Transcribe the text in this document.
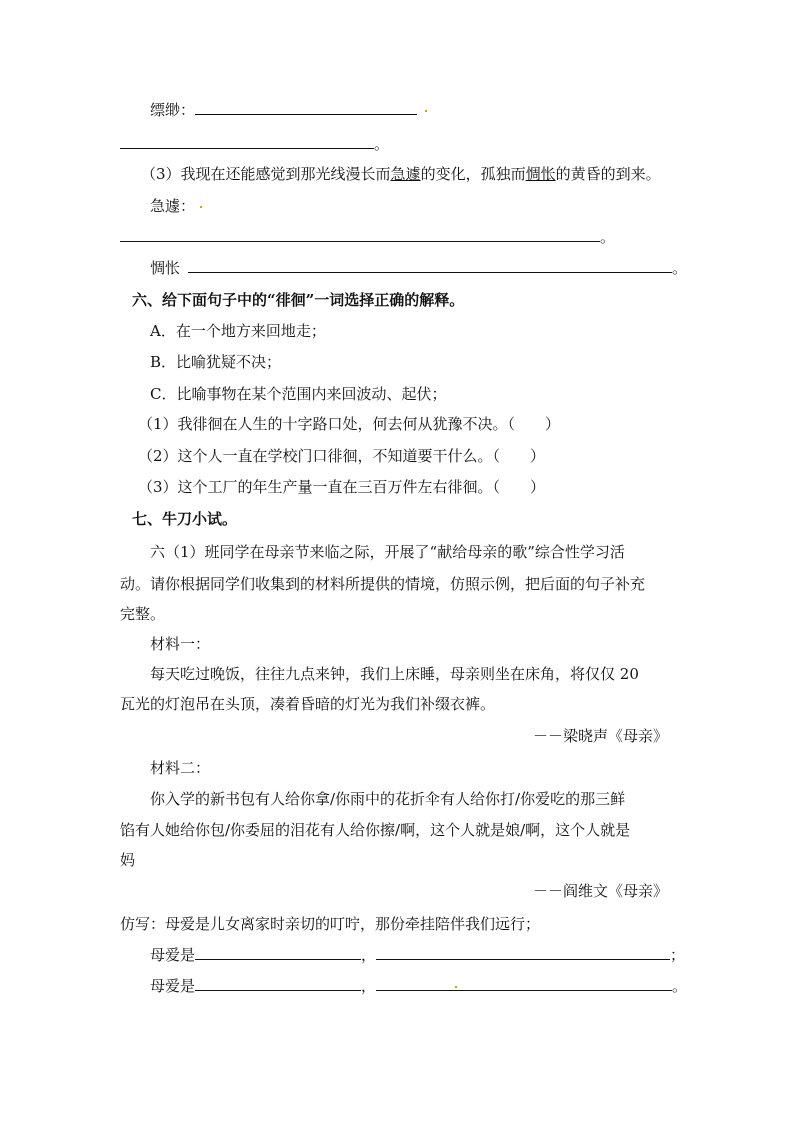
缥缈：
。
（3）我现在还能感觉到那光线漫长而急遽的变化，孤独而惆怅的黄昏的到来。
急遽：
。
惆怅	。
六、给下面句子中的“徘徊”一词选择正确的解释。
A．在一个地方来回地走；
B．比喻犹疑不决；
C．比喻事物在某个范围内来回波动、起伏；
（1）我徘徊在人生的十字路口处，何去何从犹豫不决。（　　）
（2）这个人一直在学校门口徘徊，不知道要干什么。（　　）
（3）这个工厂的年生产量一直在三百万件左右徘徊。（　　）
七、牛刀小试。
六（1）班同学在母亲节来临之际，开展了“献给母亲的歌”综合性学习活
动。请你根据同学们收集到的材料所提供的情境，仿照示例，把后面的句子补充
完整。
材料一：
每天吃过晚饭，往往九点来钟，我们上床睡，母亲则坐在床角，将仅仅 20
瓦光的灯泡吊在头顶，凑着昏暗的灯光为我们补缀衣裤。
－－梁晓声《母亲》
材料二：
你入学的新书包有人给你拿/你雨中的花折伞有人给你打/你爱吃的那三鲜
馅有人她给你包/你委屈的泪花有人给你擦/啊，这个人就是娘/啊，这个人就是
妈
－－阎维文《母亲》
仿写：母爱是儿女离家时亲切的叮咛，那份牵挂陪伴我们远行；
母爱是	，	；
母爱是	，	。
